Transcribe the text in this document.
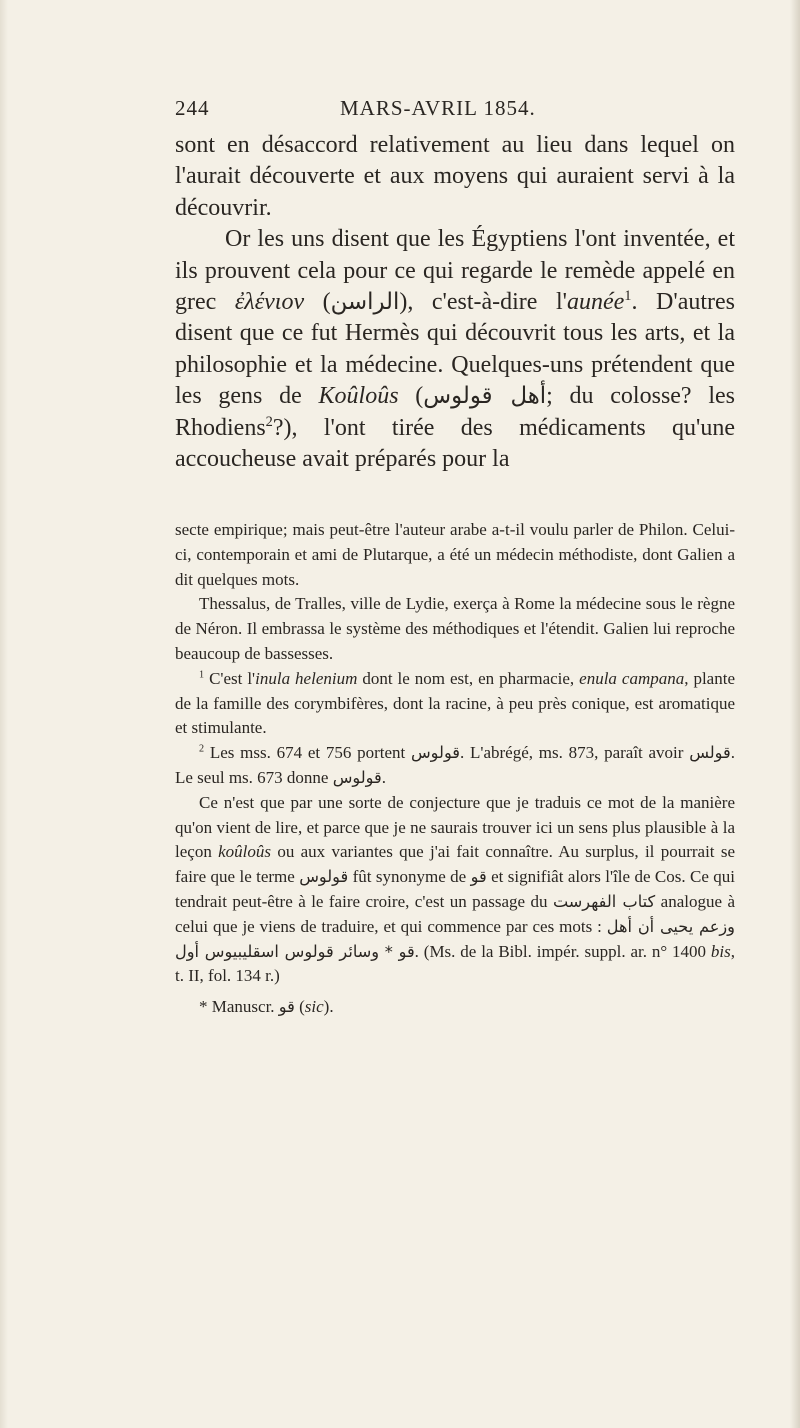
244	MARS-AVRIL 1854.

sont en désaccord relativement au lieu dans lequel on l'aurait découverte et aux moyens qui auraient servi à la découvrir.

Or les uns disent que les Égyptiens l'ont inventée, et ils prouvent cela pour ce qui regarde le remède appelé en grec ἐλένιον (الراسن), c'est-à-dire l'aunée$^1$. D'autres disent que ce fut Hermès qui découvrit tous les arts, et la philosophie et la médecine. Quelques-uns prétendent que les gens de Koûloûs (أهل قولوس; du colosse? les Rhodiens$^2$?), l'ont tirée des médicaments qu'une accoucheuse avait préparés pour la

secte empirique; mais peut-être l'auteur arabe a-t-il voulu parler de Philon. Celui-ci, contemporain et ami de Plutarque, a été un médecin méthodiste, dont Galien a dit quelques mots.

Thessalus, de Tralles, ville de Lydie, exerça à Rome la médecine sous le règne de Néron. Il embrassa le système des méthodiques et l'étendit. Galien lui reproche beaucoup de bassesses.

$^1$ C'est l'inula helenium dont le nom est, en pharmacie, enula campana, plante de la famille des corymbifères, dont la racine, à peu près conique, est aromatique et stimulante.

$^2$ Les mss. 674 et 756 portent قولوس. L'abrégé, ms. 873, paraît avoir قولس. Le seul ms. 673 donne قولوس.

Ce n'est que par une sorte de conjecture que je traduis ce mot de la manière qu'on vient de lire, et parce que je ne saurais trouver ici un sens plus plausible à la leçon koûloûs ou aux variantes que j'ai fait connaître. Au surplus, il pourrait se faire que le terme قولوس fût synonyme de قو et signifiât alors l'île de Cos. Ce qui tendrait peut-être à le faire croire, c'est un passage du كتاب الفهرست analogue à celui que je viens de traduire, et qui commence par ces mots : وزعم يحيى أن أهل قو * وسائر قولوس اسقليبيوس أول. (Ms. de la Bibl. impér. suppl. ar. n° 1400 bis, t. II, fol. 134 r.)

* Manuscr. قو (sic).
